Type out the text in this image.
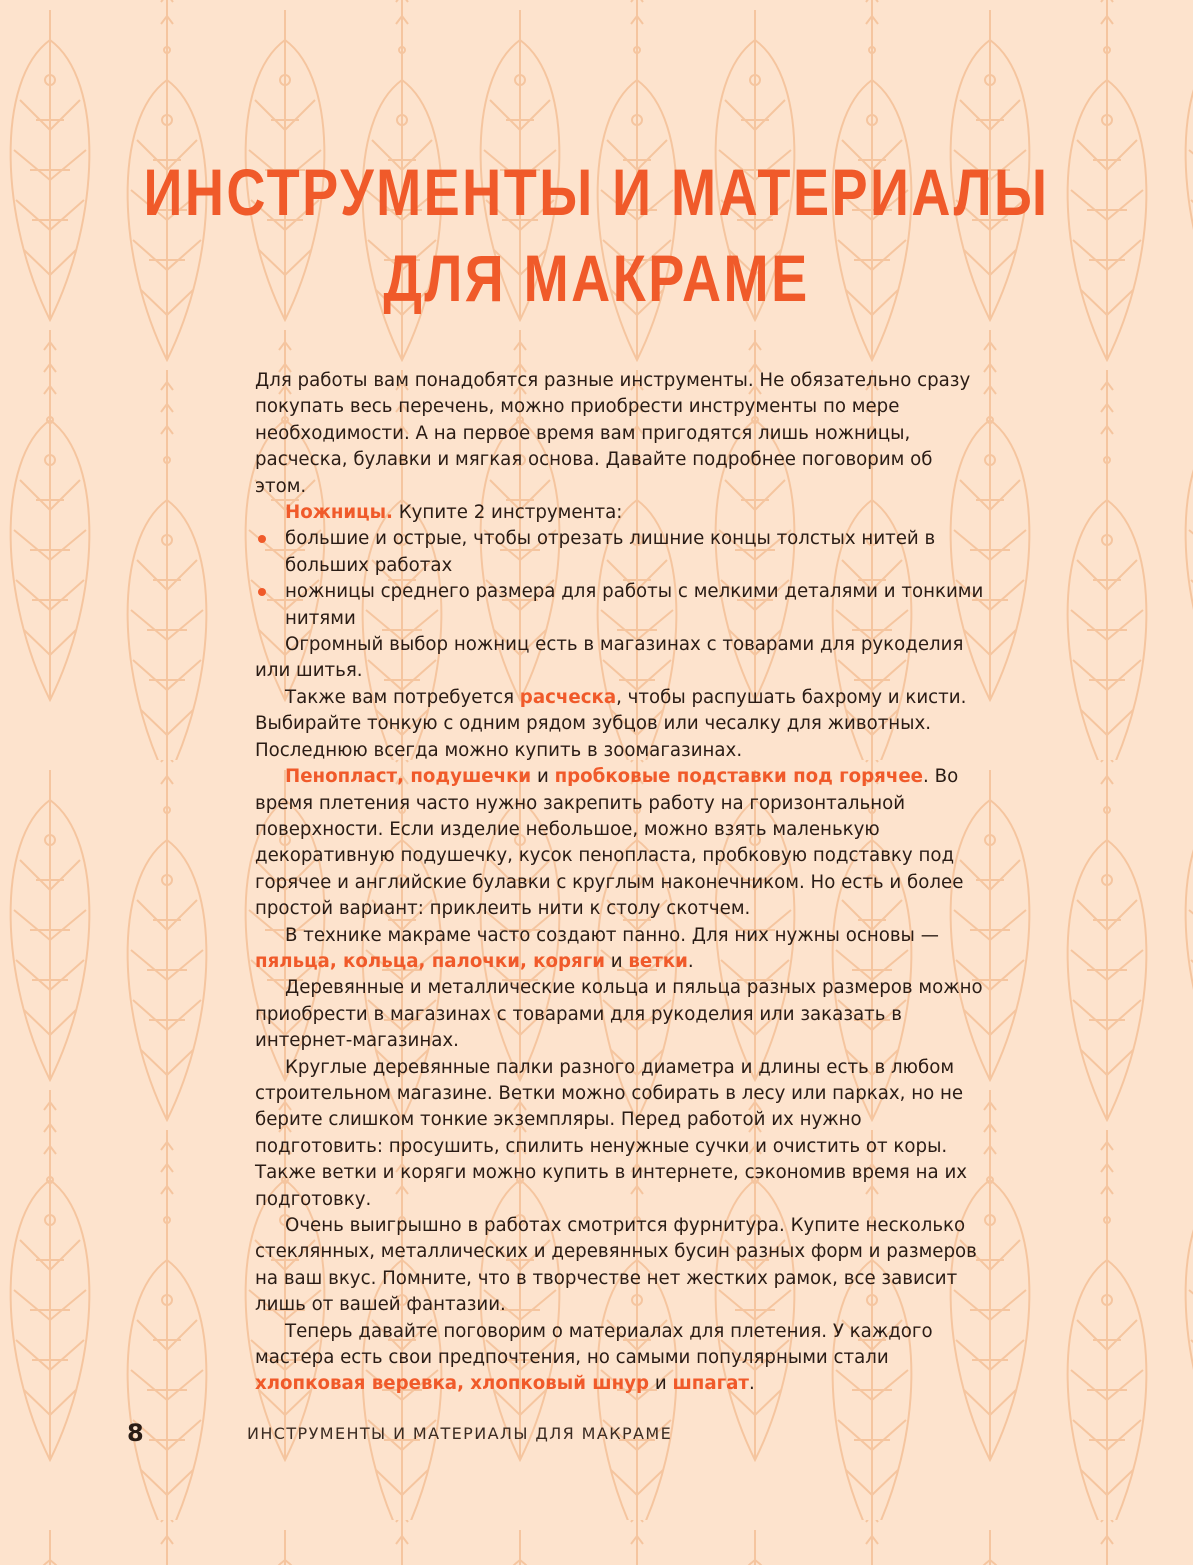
ИНСТРУМЕНТЫ И МАТЕРИАЛЫ
ДЛЯ МАКРАМЕ

Для работы вам понадобятся разные инструменты. Не обязательно сразу покупать весь перечень, можно приобрести инструменты по мере необходимости. А на первое время вам пригодятся лишь ножницы, расческа, булавки и мягкая основа. Давайте подробнее поговорим об этом.

Ножницы. Купите 2 инструмента:

большие и острые, чтобы отрезать лишние концы толстых нитей в больших работах
ножницы среднего размера для работы с мелкими деталями и тонкими нитями

Огромный выбор ножниц есть в магазинах с товарами для рукоделия или шитья.

Также вам потребуется расческа, чтобы распушать бахрому и кисти. Выбирайте тонкую с одним рядом зубцов или чесалку для животных. Последнюю всегда можно купить в зоомагазинах.

Пенопласт, подушечки и пробковые подставки под горячее. Во время плетения часто нужно закрепить работу на горизонтальной поверхности. Если изделие небольшое, можно взять маленькую декоративную подушечку, кусок пенопласта, пробковую подставку под горячее и английские булавки с круглым наконечником. Но есть и более простой вариант: приклеить нити к столу скотчем.

В технике макраме часто создают панно. Для них нужны основы — пяльца, кольца, палочки, коряги и ветки.

Деревянные и металлические кольца и пяльца разных размеров можно приобрести в магазинах с товарами для рукоделия или заказать в интернет-магазинах.

Круглые деревянные палки разного диаметра и длины есть в любом строительном магазине. Ветки можно собирать в лесу или парках, но не берите слишком тонкие экземпляры. Перед работой их нужно подготовить: просушить, спилить ненужные сучки и очистить от коры. Также ветки и коряги можно купить в интернете, сэкономив время на их подготовку.

Очень выигрышно в работах смотрится фурнитура. Купите несколько стеклянных, металлических и деревянных бусин разных форм и размеров на ваш вкус. Помните, что в творчестве нет жестких рамок, все зависит лишь от вашей фантазии.

Теперь давайте поговорим о материалах для плетения. У каждого мастера есть свои предпочтения, но самыми популярными стали хлопковая веревка, хлопковый шнур и шпагат.

8	ИНСТРУМЕНТЫ И МАТЕРИАЛЫ ДЛЯ МАКРАМЕ
